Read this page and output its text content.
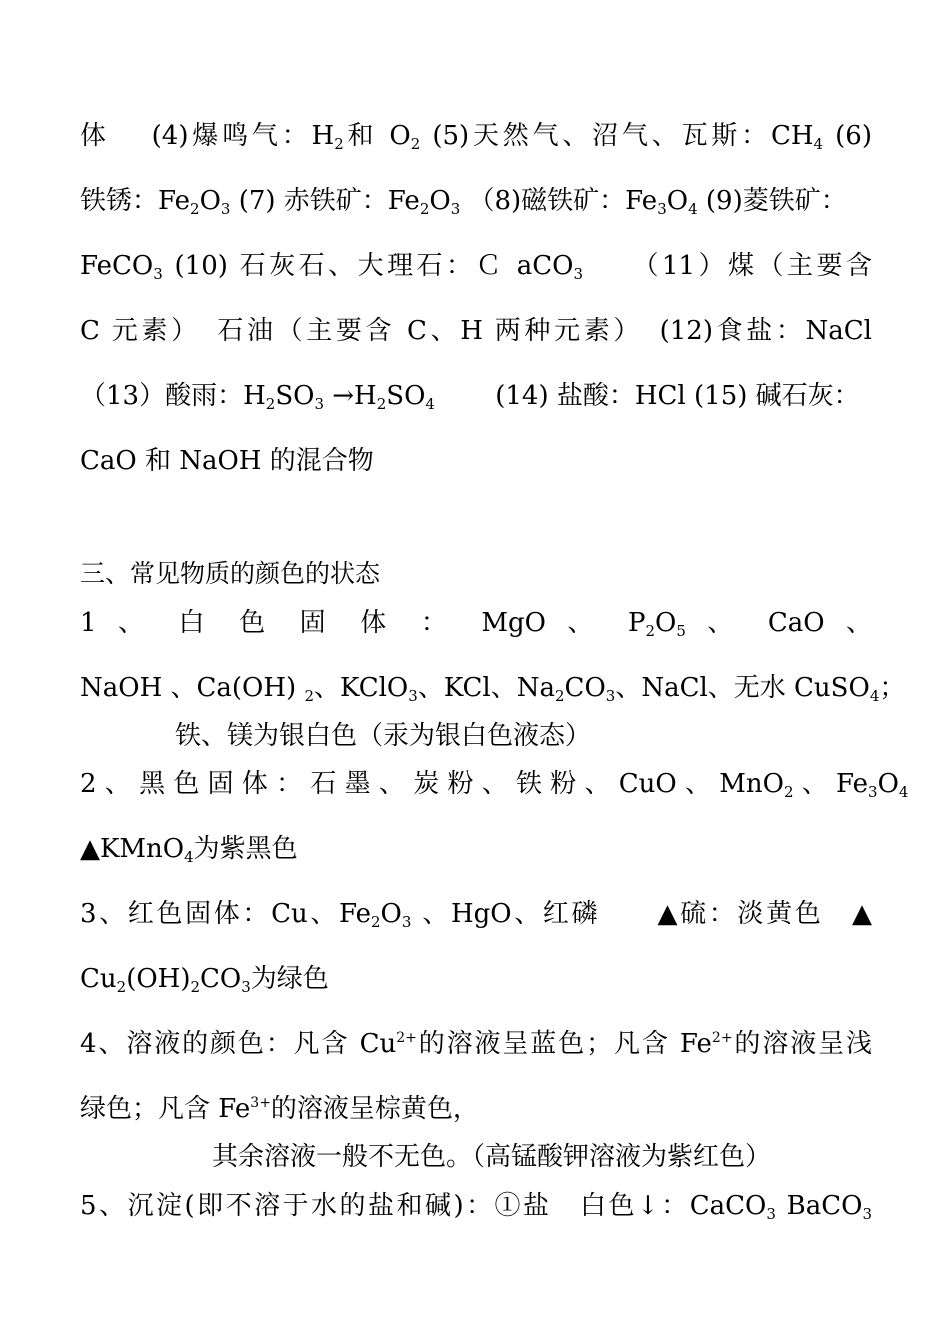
体　 (4)爆鸣气：$H_2$和 $O_2$ (5)天然气、沼气、瓦斯：$CH_4$ (6)
铁锈：$Fe_2O_3$ (7) 赤铁矿：$Fe_2O_3$ （8)磁铁矿：$Fe_3O_4$ (9)菱铁矿：
FeCO$_3$ (10) 石灰石、大理石：Ｃ aCO$_3$　　（11）煤（主要含
C 元素）　石油（主要含 C、H 两种元素）　(12)食盐：NaCl
（13）酸雨：$H_2SO_3 \to H_2SO_4$　　 (14) 盐酸：HCl (15) 碱石灰：
CaO 和 NaOH 的混合物
三、常见物质的颜色的状态
1 、 白 色 固 体 ： MgO 、 $P_2O_5$ 、 CaO 、
NaOH 、Ca(OH) $_2$、KClO$_3$、KCl、$Na_2CO_3$、NaCl、无水 CuSO$_4$；
铁、镁为银白色（汞为银白色液态）
2 、 黑 色 固 体 ： 石 墨 、 炭 粉 、 铁 粉 、 CuO 、 MnO$_2$ 、 $Fe_3O_4$
▲KMnO$_4$为紫黑色
3、红色固体：Cu、$Fe_2O_3$ 、HgO、红磷　　▲硫：淡黄色　▲
$Cu_2(OH)_2CO_3$为绿色
4、溶液的颜色：凡含 $Cu^{2+}$的溶液呈蓝色；凡含 $Fe^{2+}$的溶液呈浅
绿色；凡含 $Fe^{3+}$的溶液呈棕黄色，
其余溶液一般不无色。（高锰酸钾溶液为紫红色）
5、沉淀(即不溶于水的盐和碱)：①盐　白色↓：CaCO$_3$ BaCO$_3$
